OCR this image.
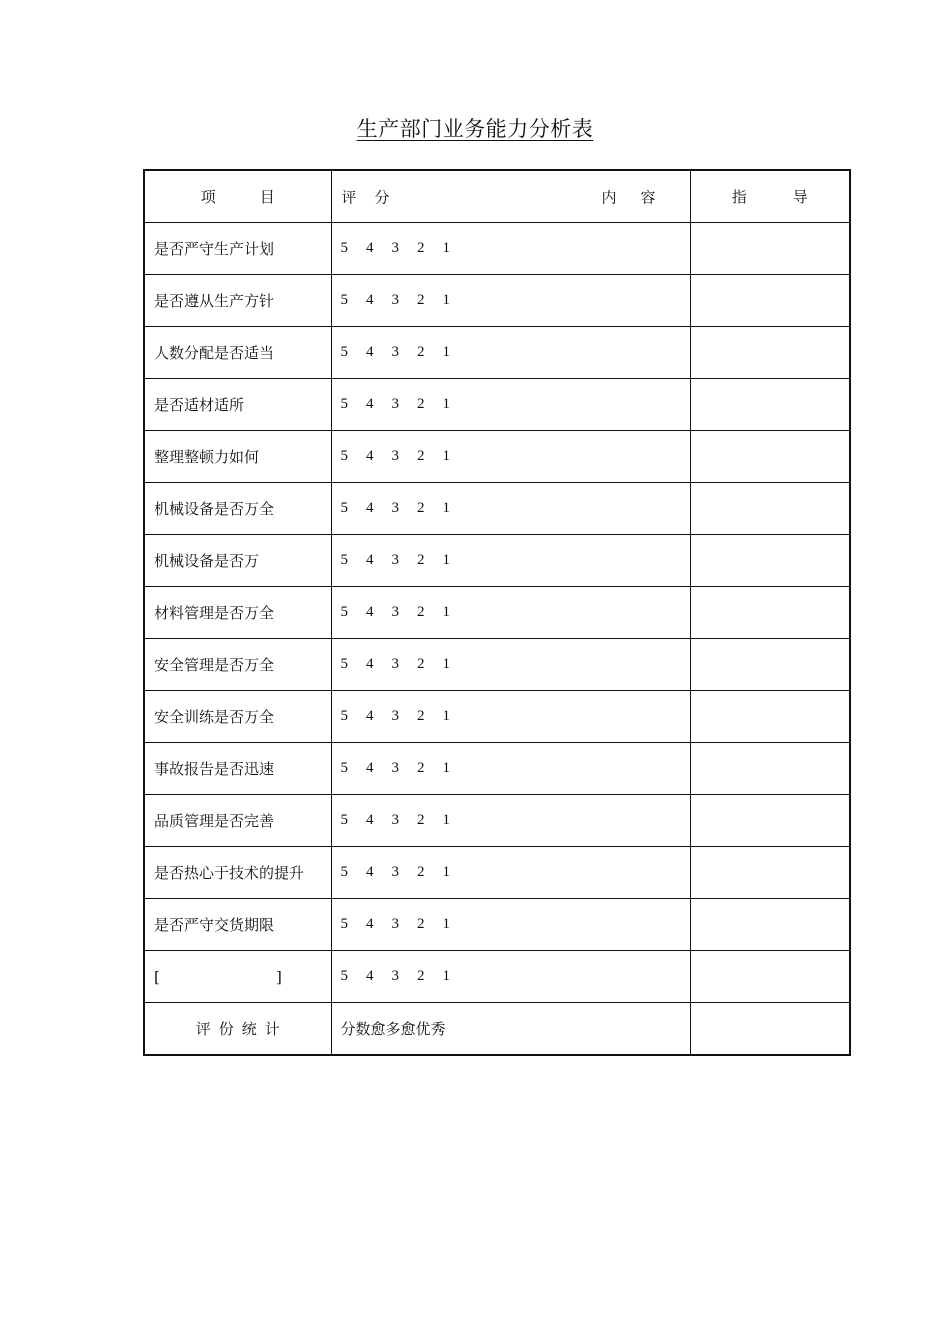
生产部门业务能力分析表
项 目	评 分 内 容	指 导
是否严守生产计划	5 4 3 2 1	
是否遵从生产方针	5 4 3 2 1	
人数分配是否适当	5 4 3 2 1	
是否适材适所	5 4 3 2 1	
整理整顿力如何	5 4 3 2 1	
机械设备是否万全	5 4 3 2 1	
机械设备是否万	5 4 3 2 1	
材料管理是否万全	5 4 3 2 1	
安全管理是否万全	5 4 3 2 1	
安全训练是否万全	5 4 3 2 1	
事故报告是否迅速	5 4 3 2 1	
品质管理是否完善	5 4 3 2 1	
是否热心于技术的提升	5 4 3 2 1	
是否严守交货期限	5 4 3 2 1	

[ ]	5 4 3 2 1	
评 份 统 计	分数愈多愈优秀	
